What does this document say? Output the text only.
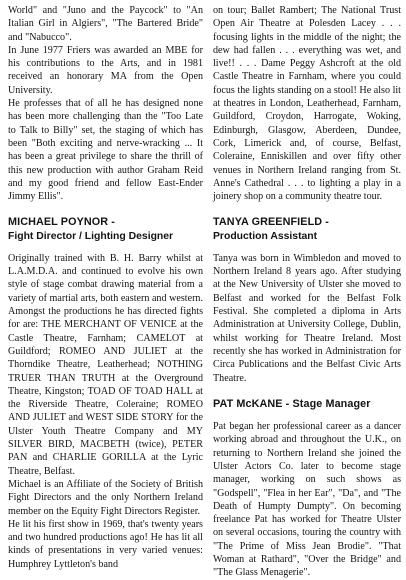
World" and "Juno and the Paycock" to "An Italian Girl in Algiers", "The Bartered Bride" and "Nabucco".

In June 1977 Friers was awarded an MBE for his contributions to the Arts, and in 1981 received an honorary MA from the Open University.

He professes that of all he has designed none has been more challenging than the "Too Late to Talk to Billy" set, the staging of which has been "Both exciting and nerve-wracking ... It has been a great privilege to share the thrill of this new production with author Graham Reid and my good friend and fellow East-Ender Jimmy Ellis".

MICHAEL POYNOR -
Fight Director / Lighting Designer

Originally trained with B. H. Barry whilst at L.A.M.D.A. and continued to evolve his own style of stage combat drawing material from a variety of martial arts, both eastern and western. Amongst the productions he has directed fights for are: THE MERCHANT OF VENICE at the Castle Theatre, Farnham; CAMELOT at Guildford; ROMEO AND JULIET at the Thorndike Theatre, Leatherhead; NOTHING TRUER THAN TRUTH at the Overground Theatre, Kingston; TOAD OF TOAD HALL at the Riverside Theatre, Coleraine; ROMEO AND JULIET and WEST SIDE STORY for the Ulster Youth Theatre Company and MY SILVER BIRD, MACBETH (twice), PETER PAN and CHARLIE GORILLA at the Lyric Theatre, Belfast.

Michael is an Affiliate of the Society of British Fight Directors and the only Northern Ireland member on the Equity Fight Directors Register.

He lit his first show in 1969, that's twenty years and two hundred productions ago! He has lit all kinds of presentations in very varied venues: Humphrey Lyttleton's band

on tour; Ballet Rambert; The National Trust Open Air Theatre at Polesden Lacey . . . focusing lights in the middle of the night; the dew had fallen . . . everything was wet, and live!! . . . Dame Peggy Ashcroft at the old Castle Theatre in Farnham, where you could focus the lights standing on a stool! He also lit at theatres in London, Leatherhead, Farnham, Guildford, Croydon, Harrogate, Woking, Edinburgh, Glasgow, Aberdeen, Dundee, Cork, Limerick and, of course, Belfast, Coleraine, Enniskillen and over fifty other venues in Northern Ireland ranging from St. Anne's Cathedral . . . to lighting a play in a joinery shop on a community theatre tour.

TANYA GREENFIELD -
Production Assistant

Tanya was born in Wimbledon and moved to Northern Ireland 8 years ago. After studying at the New University of Ulster she moved to Belfast and worked for the Belfast Folk Festival. She completed a diploma in Arts Administration at University College, Dublin, whilst working for Theatre Ireland. Most recently she has worked in Administration for Circa Publications and the Belfast Civic Arts Theatre.

PAT McKANE - Stage Manager

Pat began her professional career as a dancer working abroad and throughout the U.K., on returning to Northern Ireland she joined the Ulster Actors Co. later to become stage manager, working on such shows as "Godspell", "Flea in her Ear", "Da", and "The Death of Humpty Dumpty". On becoming freelance Pat has worked for Theatre Ulster on several occasions, touring the country with "The Prime of Miss Jean Brodie". "That Woman at Rathard", "Over the Bridge" and "The Glass Menagerie".
